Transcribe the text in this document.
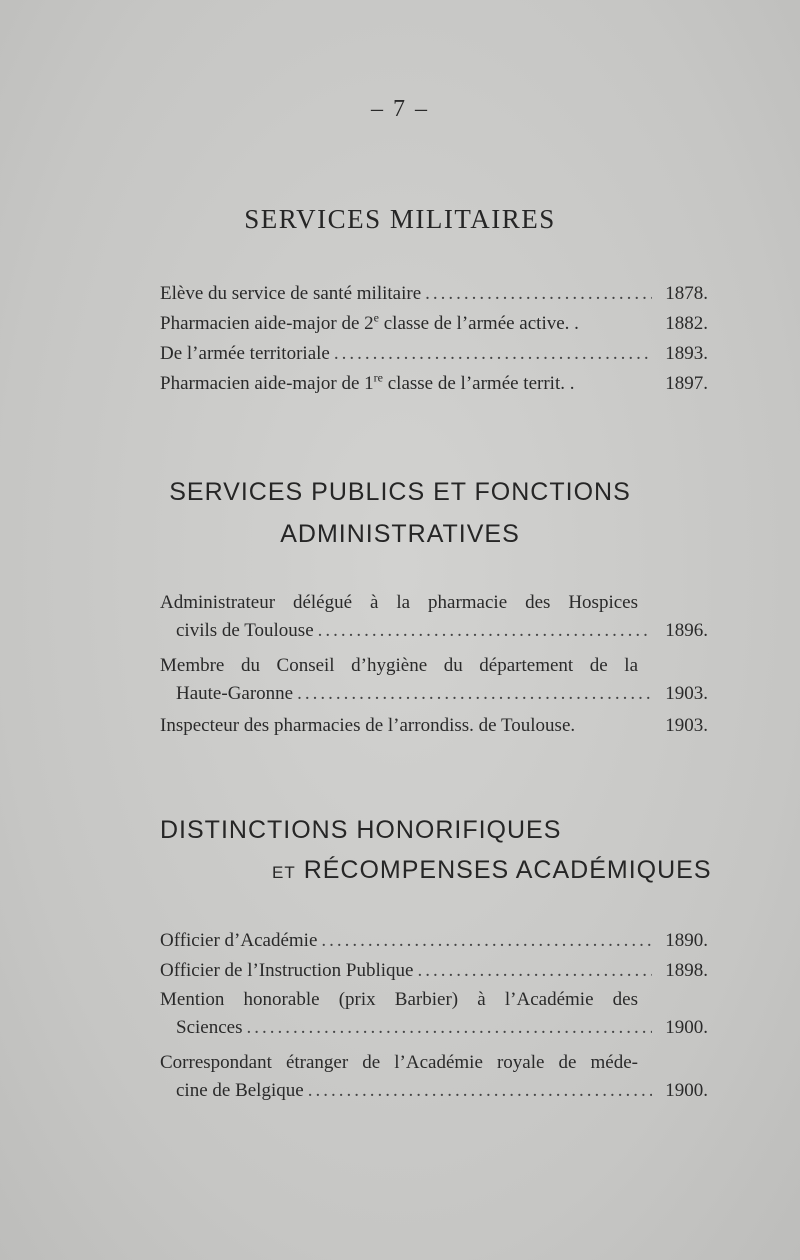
– 7 –
SERVICES MILITAIRES
Elève du service de santé militaire .....	1878.
Pharmacien aide-major de 2e classe de l’armée active. .	1882.
De l’armée territoriale .....	1893.
Pharmacien aide-major de 1re classe de l’armée territ. .	1897.
SERVICES PUBLICS ET FONCTIONS
ADMINISTRATIVES
Administrateur délégué à la pharmacie des Hospices
civils de Toulouse .....	1896.
Membre du Conseil d’hygiène du département de la
Haute-Garonne .....	1903.
Inspecteur des pharmacies de l’arrondiss. de Toulouse.	1903.
DISTINCTIONS HONORIFIQUES
ET RÉCOMPENSES ACADÉMIQUES
Officier d’Académie .....	1890.
Officier de l’Instruction Publique .....	1898.
Mention honorable (prix Barbier) à l’Académie des
Sciences .....	1900.
Correspondant étranger de l’Académie royale de méde-
cine de Belgique .....	1900.
